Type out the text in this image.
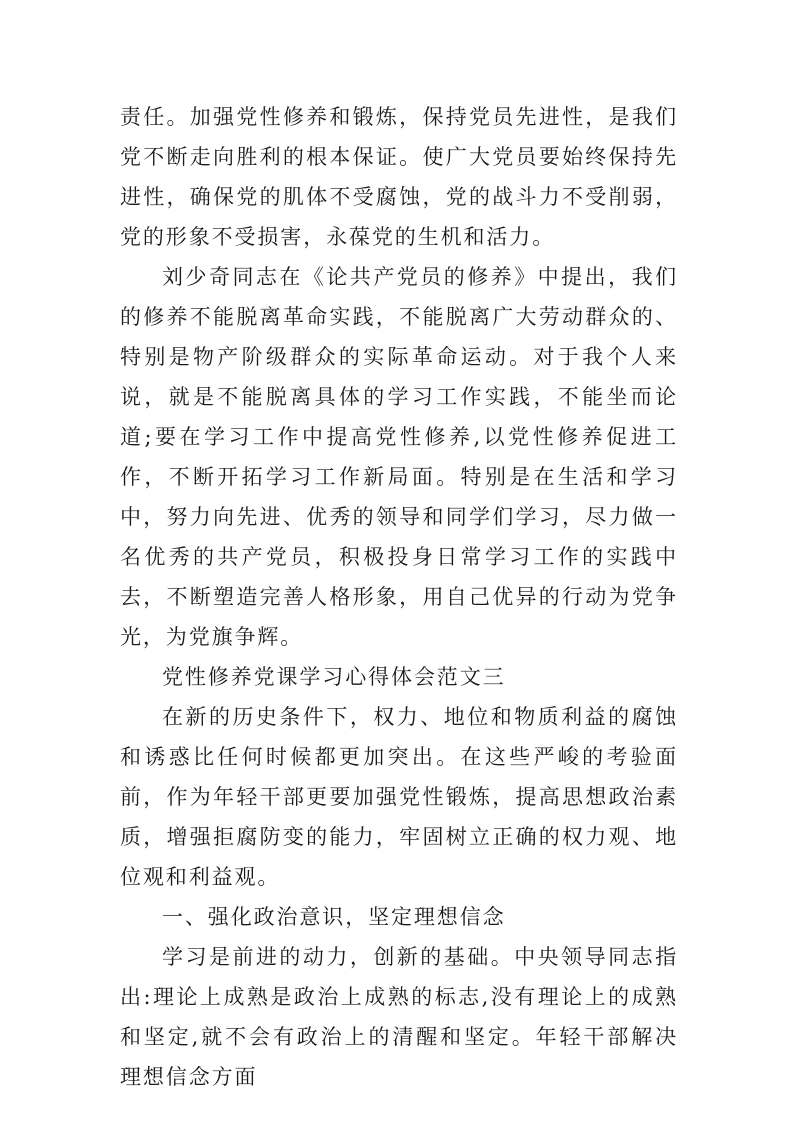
责任。加强党性修养和锻炼，保持党员先进性，是我们党不断走向胜利的根本保证。使广大党员要始终保持先进性，确保党的肌体不受腐蚀，党的战斗力不受削弱，党的形象不受损害，永葆党的生机和活力。

刘少奇同志在《论共产党员的修养》中提出，我们的修养不能脱离革命实践，不能脱离广大劳动群众的、特别是物产阶级群众的实际革命运动。对于我个人来说，就是不能脱离具体的学习工作实践，不能坐而论道;要在学习工作中提高党性修养,以党性修养促进工作，不断开拓学习工作新局面。特别是在生活和学习中，努力向先进、优秀的领导和同学们学习，尽力做一名优秀的共产党员，积极投身日常学习工作的实践中去，不断塑造完善人格形象，用自己优异的行动为党争光，为党旗争辉。

党性修养党课学习心得体会范文三

在新的历史条件下，权力、地位和物质利益的腐蚀和诱惑比任何时候都更加突出。在这些严峻的考验面前，作为年轻干部更要加强党性锻炼，提高思想政治素质，增强拒腐防变的能力，牢固树立正确的权力观、地位观和利益观。

一、强化政治意识，坚定理想信念

学习是前进的动力，创新的基础。中央领导同志指出:理论上成熟是政治上成熟的标志,没有理论上的成熟和坚定,就不会有政治上的清醒和坚定。年轻干部解决理想信念方面
